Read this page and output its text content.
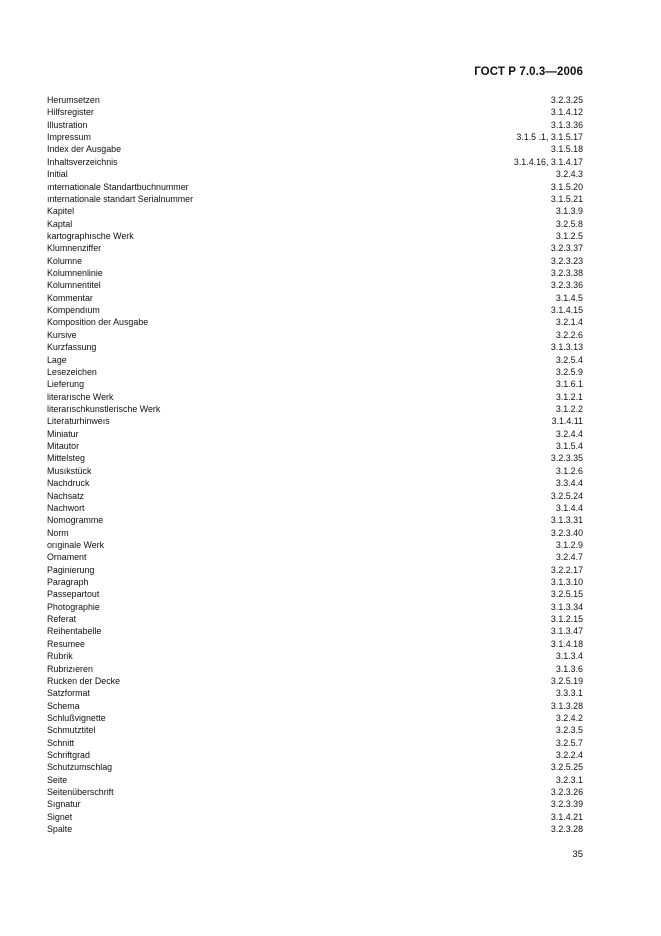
ГОСТ Р 7.0.3—2006
Herumsetzen	3.2.3.25
Hilfsregister	3.1.4.12
Illustration	3.1.3.36
Impressum	3.1.5 .1, 3.1.5.17
Index der Ausgabe	3.1.5.18
Inhaltsverzeichnis	3.1.4.16, 3.1.4.17
Initial	3.2.4.3
ınternationale Standartbuchnummer	3.1.5.20
ınternationale standart Serialnummer	3.1.5.21
Kapitel	3.1.3.9
Kaptal	3.2.5.8
kartographısche Werk	3.1.2.5
Klumnenziffer	3.2.3.37
Kolumne	3.2.3.23
Kolumnenlinie	3.2.3.38
Kolumnentitel	3.2.3.36
Kommentar	3.1.4.5
Kompendıum	3.1.4.15
Komposition der Ausgabe	3.2.1.4
Kursive	3.2.2.6
Kurzfassung	3.1.3.13
Lage	3.2.5.4
Lesezeichen	3.2.5.9
Lieferung	3.1.6.1
literarısche Werk	3.1.2.1
literarıschkunstlerische Werk	3.1.2.2
Literaturhinweıs	3.1.4.11
Miniatur	3.2.4.4
Mitautor	3.1.5.4
Mittelsteg	3.2.3.35
Musıkstück	3.1.2.6
Nachdruck	3.3.4.4
Nachsatz	3.2.5.24
Nachwort	3.1.4.4
Nomogramme	3.1.3.31
Norm	3.2.3.40
orıginale Werk	3.1.2.9
Ornament	3.2.4.7
Paginierung	3.2.2.17
Paragraph	3.1.3.10
Passepartout	3.2.5.15
Photographie	3.1.3.34
Referat	3.1.2.15
Reihentabelle	3.1.3.47
Resumee	3.1.4.18
Rubrik	3.1.3.4
Rubrizıeren	3.1.3.6
Rucken der Decke	3.2.5.19
Satzformat	3.3.3.1
Schema	3.1.3.28
Schlußvignette	3.2.4.2
Schmutztitel	3.2.3.5
Schnitt	3.2.5.7
Schriftgrad	3.2.2.4
Schutzumschlag	3.2.5.25
Seite	3.2.3.1
Seitenüberschrift	3.2.3.26
Sıgnatur	3.2.3.39
Signet	3.1.4.21
Spalte	3.2.3.28
35
